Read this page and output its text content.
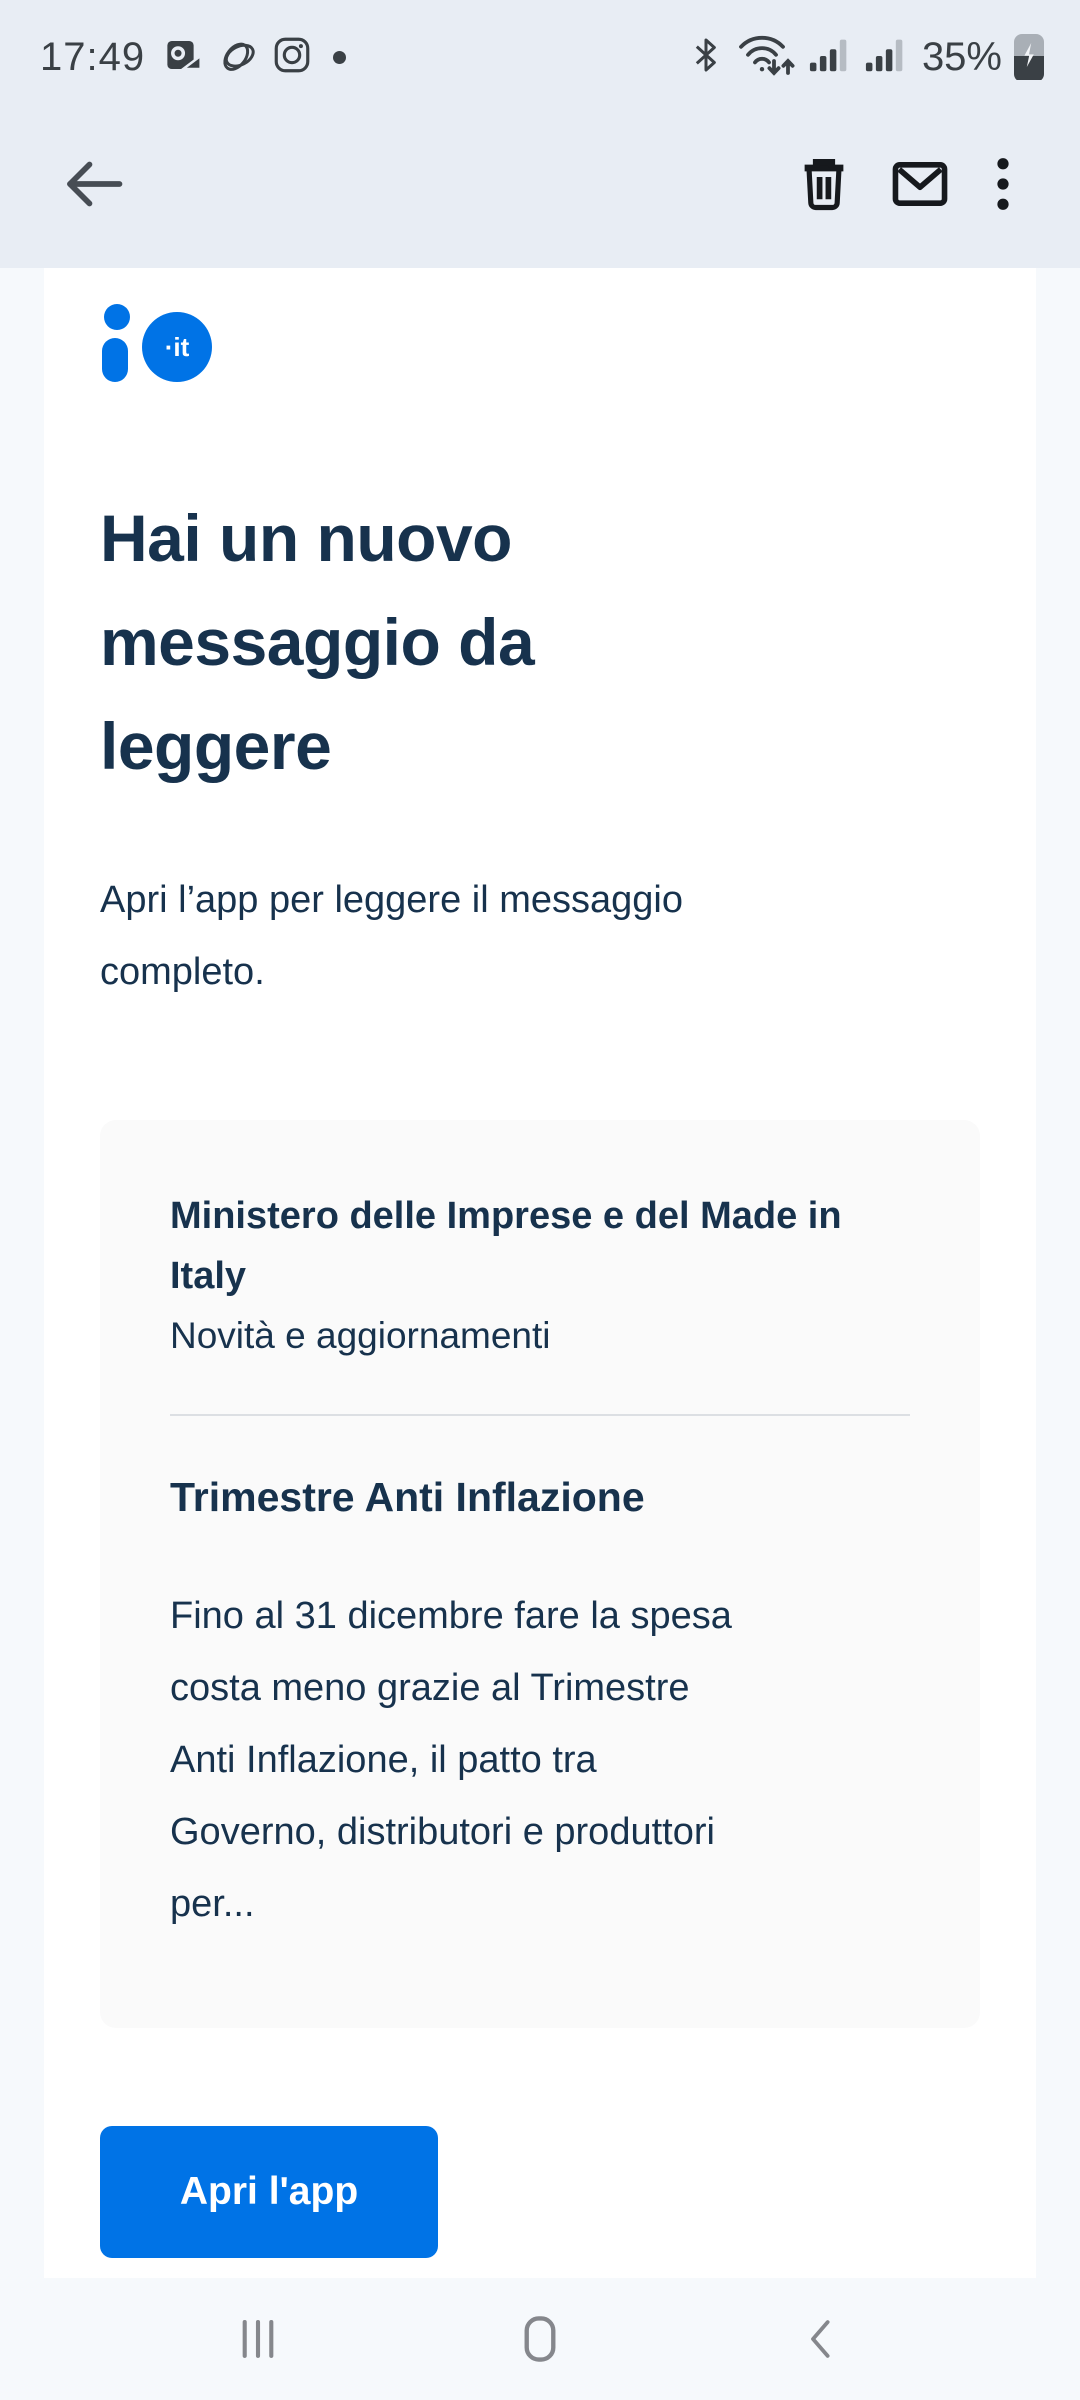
17:49	35%
·it
Hai un nuovo
messaggio da
leggere

Apri l’app per leggere il messaggio
completo.

Ministero delle Imprese e del Made in
Italy
Novità e aggiornamenti
Trimestre Anti Inflazione
Fino al 31 dicembre fare la spesa
costa meno grazie al Trimestre
Anti Inflazione, il patto tra
Governo, distributori e produttori
per...
Apri l'app
